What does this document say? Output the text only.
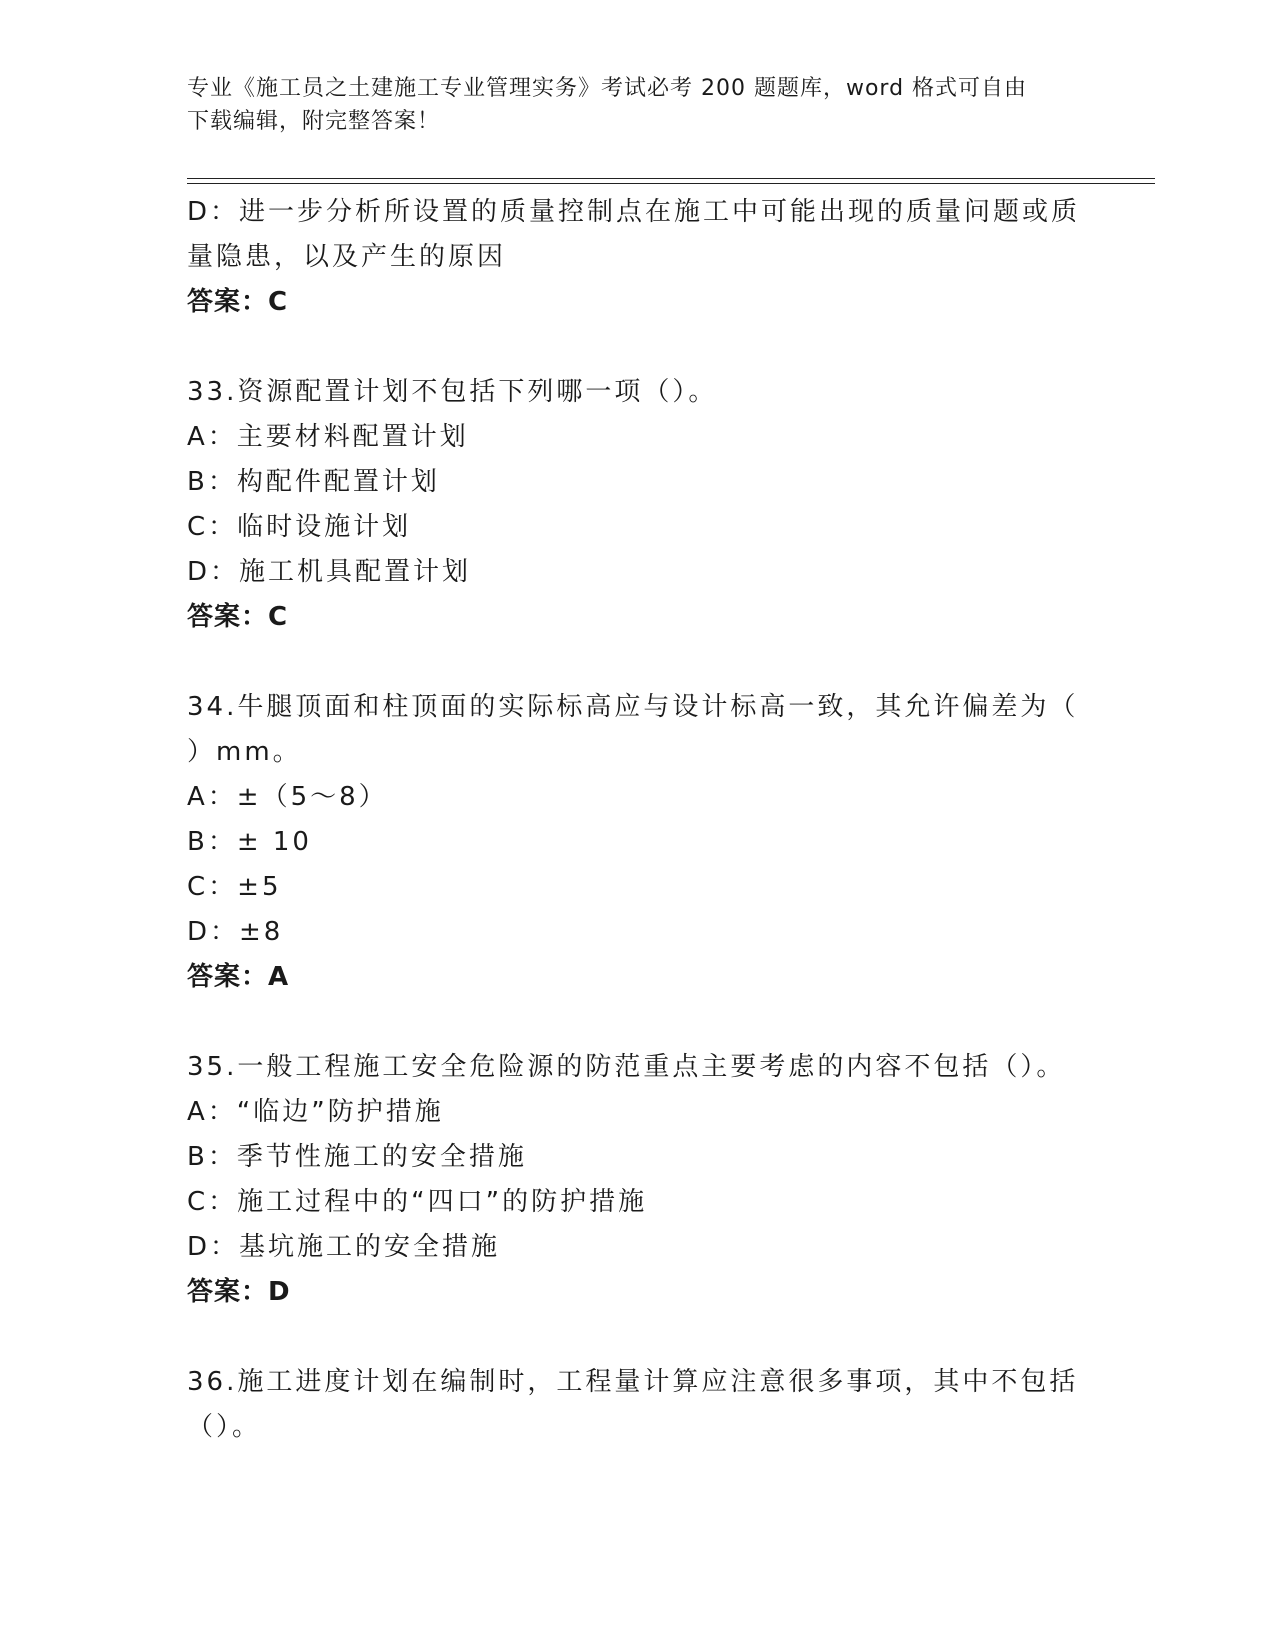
专业《施工员之土建施工专业管理实务》考试必考 200 题题库，word 格式可自由
下载编辑，附完整答案！
D：进一步分析所设置的质量控制点在施工中可能出现的质量问题或质
量隐患，以及产生的原因
答案：C
33.资源配置计划不包括下列哪一项（）。
A：主要材料配置计划
B：构配件配置计划
C：临时设施计划
D：施工机具配置计划
答案：C
34.牛腿顶面和柱顶面的实际标高应与设计标高一致，其允许偏差为（
）mm。
A：±（5～8）
B：± 10
C：±5
D：±8
答案：A
35.一般工程施工安全危险源的防范重点主要考虑的内容不包括（）。
A：“临边”防护措施
B：季节性施工的安全措施
C：施工过程中的“四口”的防护措施
D：基坑施工的安全措施
答案：D
36.施工进度计划在编制时，工程量计算应注意很多事项，其中不包括
（）。
